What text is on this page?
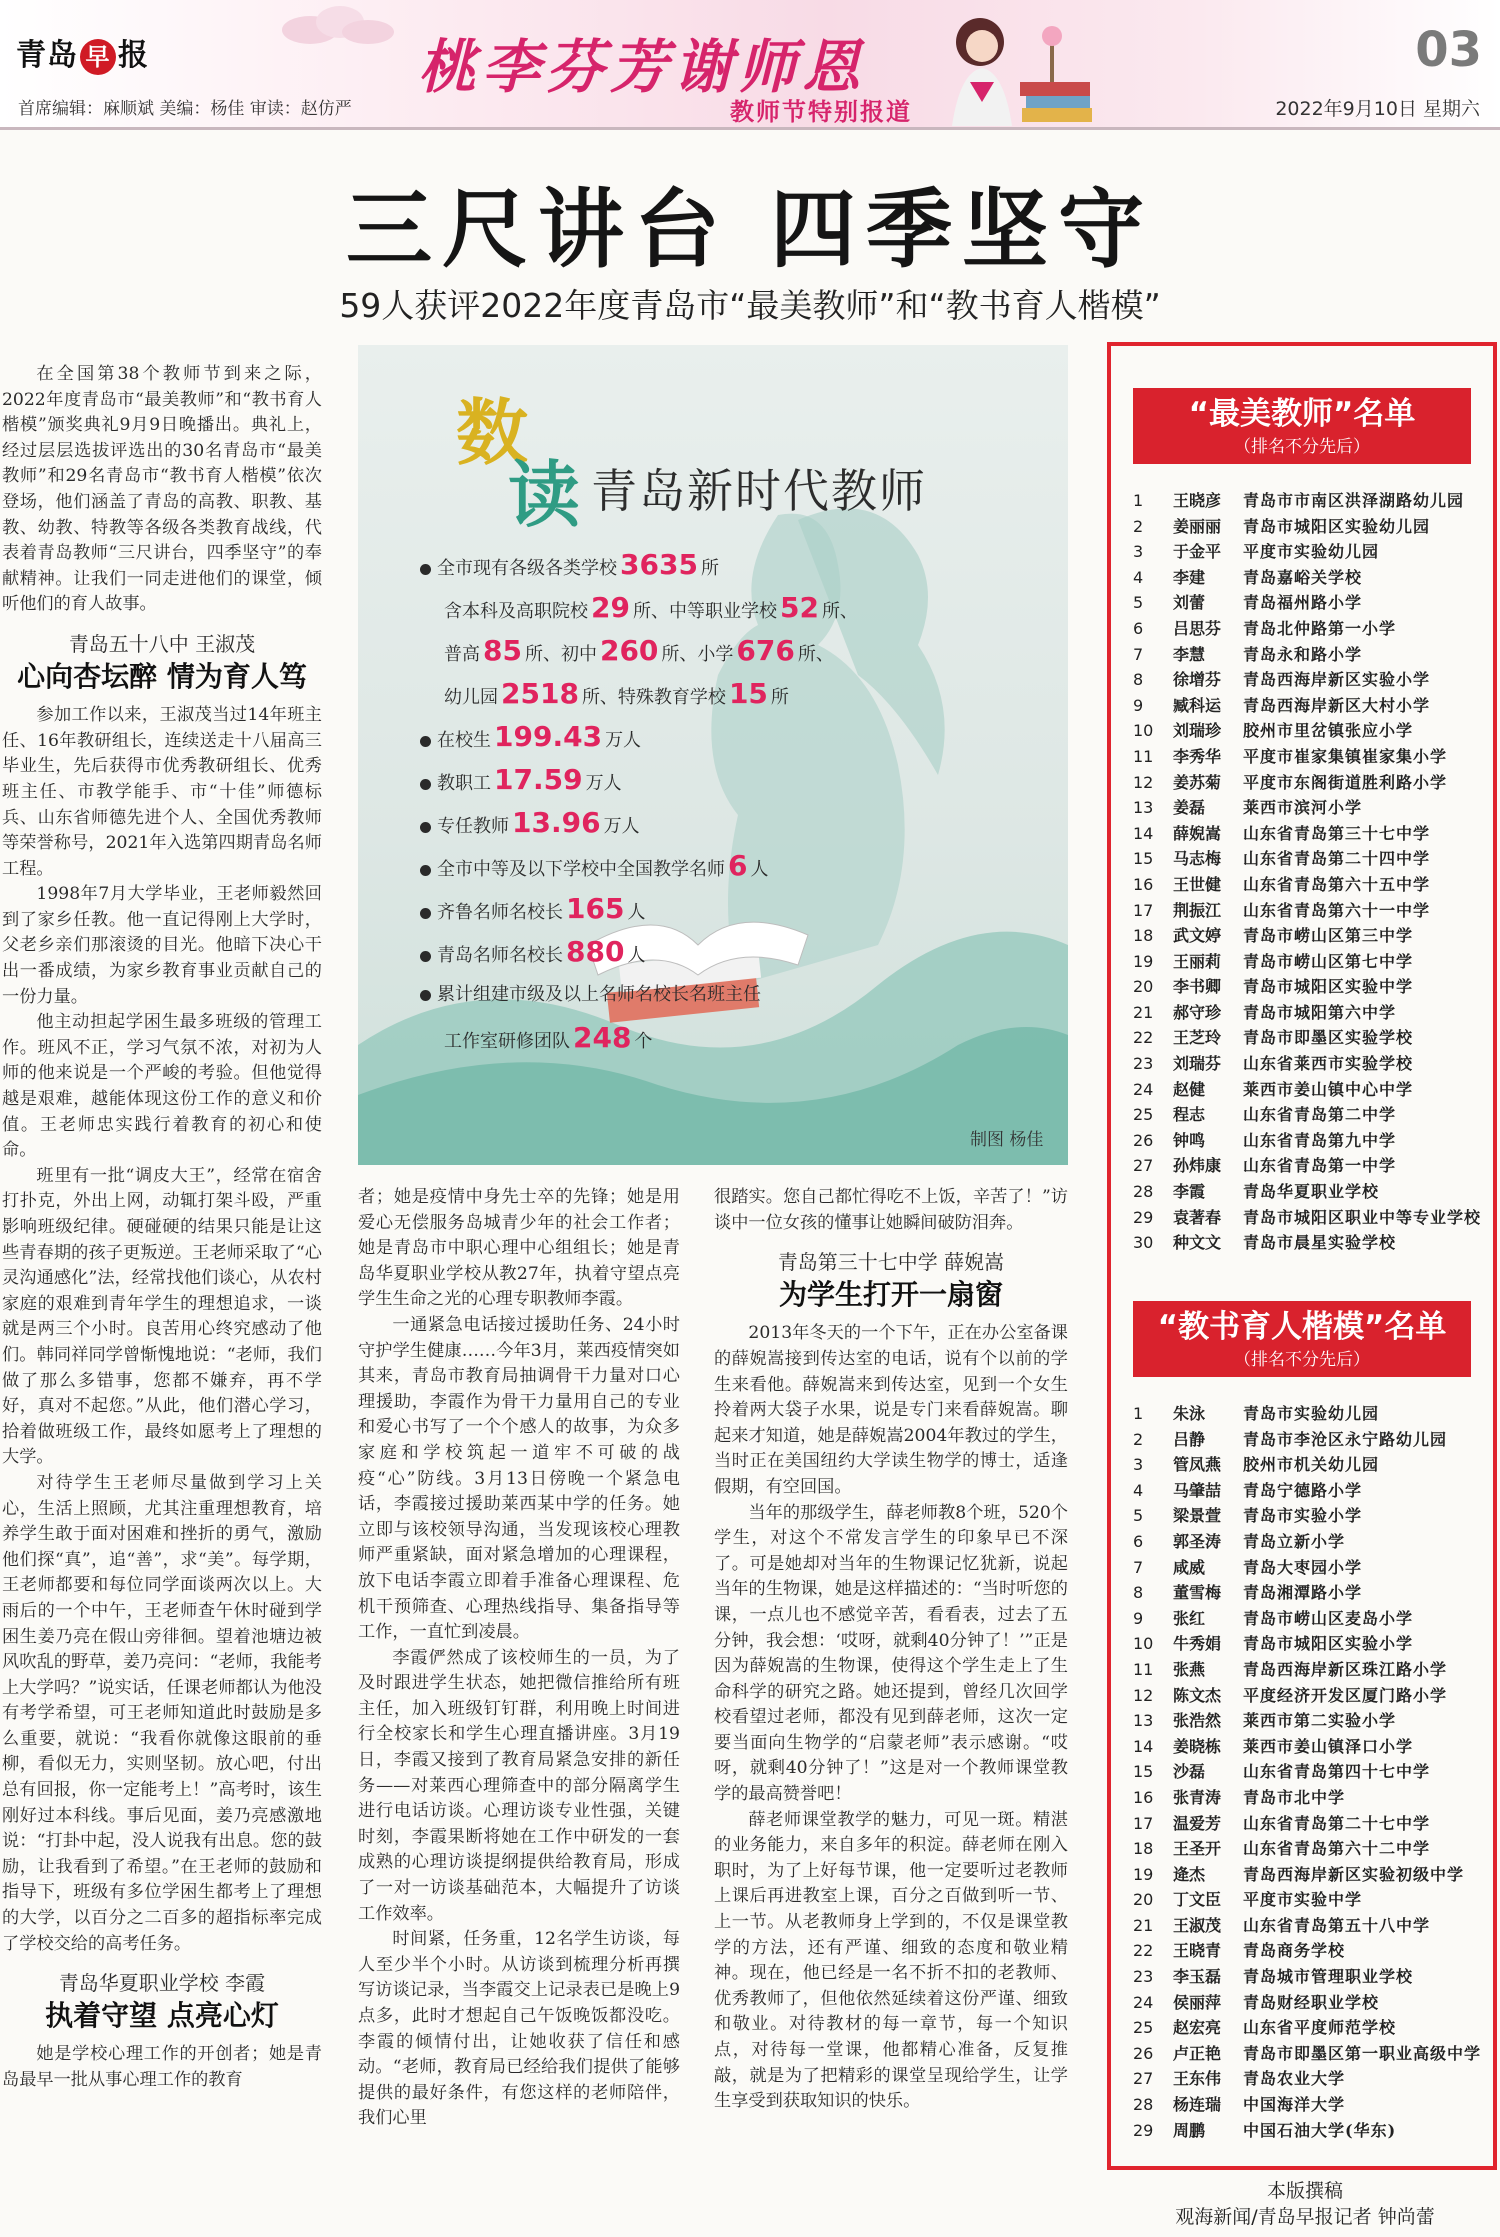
青岛 早 报	桃李芬芳谢师恩
教师节特别报道
首席编辑：麻顺斌 美编：杨佳 审读：赵仿严
03
2022年9月10日 星期六
三尺讲台 四季坚守
59人获评2022年度青岛市“最美教师”和“教书育人楷模”

在全国第38个教师节到来之际，2022年度青岛市“最美教师”和“教书育人楷模”颁奖典礼9月9日晚播出。典礼上，经过层层选拔评选出的30名青岛市“最美教师”和29名青岛市“教书育人楷模”依次登场，他们涵盖了青岛的高教、职教、基教、幼教、特教等各级各类教育战线，代表着青岛教师“三尺讲台，四季坚守”的奉献精神。让我们一同走进他们的课堂，倾听他们的育人故事。

青岛五十八中 王淑茂
心向杏坛醉 情为育人笃

参加工作以来，王淑茂当过14年班主任、16年教研组长，连续送走十八届高三毕业生，先后获得市优秀教研组长、优秀班主任、市教学能手、市“十佳”师德标兵、山东省师德先进个人、全国优秀教师等荣誉称号，2021年入选第四期青岛名师工程。

1998年7月大学毕业，王老师毅然回到了家乡任教。他一直记得刚上大学时，父老乡亲们那滚烫的目光。他暗下决心干出一番成绩，为家乡教育事业贡献自己的一份力量。

他主动担起学困生最多班级的管理工作。班风不正，学习气氛不浓，对初为人师的他来说是一个严峻的考验。但他觉得越是艰难，越能体现这份工作的意义和价值。王老师忠实践行着教育的初心和使命。

班里有一批“调皮大王”，经常在宿舍打扑克，外出上网，动辄打架斗殴，严重影响班级纪律。硬碰硬的结果只能是让这些青春期的孩子更叛逆。王老师采取了“心灵沟通感化”法，经常找他们谈心，从农村家庭的艰难到青年学生的理想追求，一谈就是两三个小时。良苦用心终究感动了他们。韩同祥同学曾惭愧地说：“老师，我们做了那么多错事，您都不嫌弃，再不学好，真对不起您。”从此，他们潜心学习，拾着做班级工作，最终如愿考上了理想的大学。

对待学生王老师尽量做到学习上关心，生活上照顾，尤其注重理想教育，培养学生敢于面对困难和挫折的勇气，激励他们探“真”，追“善”，求“美”。每学期，王老师都要和每位同学面谈两次以上。大雨后的一个中午，王老师查午休时碰到学困生姜乃亮在假山旁徘徊。望着池塘边被风吹乱的野草，姜乃亮问：“老师，我能考上大学吗？”说实话，任课老师都认为他没有考学希望，可王老师知道此时鼓励是多么重要，就说：“我看你就像这眼前的垂柳，看似无力，实则坚韧。放心吧，付出总有回报，你一定能考上！”高考时，该生刚好过本科线。事后见面，姜乃亮感激地说：“打卦中起，没人说我有出息。您的鼓励，让我看到了希望。”在王老师的鼓励和指导下，班级有多位学困生都考上了理想的大学，以百分之二百多的超指标率完成了学校交给的高考任务。

青岛华夏职业学校 李霞
执着守望 点亮心灯

她是学校心理工作的开创者；她是青岛最早一批从事心理工作的教育

数
读 青岛新时代教师
全市现有各级各类学校 3635 所
含本科及高职院校 29 所、中等职业学校 52 所、
普高 85 所、初中 260 所、小学 676 所、
幼儿园 2518 所、特殊教育学校 15 所
在校生 199.43 万人
教职工 17.59 万人
专任教师 13.96 万人
全市中等及以下学校中全国教学名师 6 人
齐鲁名师名校长 165 人
青岛名师名校长 880 人
累计组建市级及以上名师名校长名班主任
工作室研修团队 248 个
制图 杨佳

者；她是疫情中身先士卒的先锋；她是用爱心无偿服务岛城青少年的社会工作者；她是青岛市中职心理中心组组长；她是青岛华夏职业学校从教27年，执着守望点亮学生生命之光的心理专职教师李霞。

一通紧急电话接过援助任务、24小时守护学生健康……今年3月，莱西疫情突如其来，青岛市教育局抽调骨干力量对口心理援助，李霞作为骨干力量用自己的专业和爱心书写了一个个感人的故事，为众多家庭和学校筑起一道牢不可破的战疫“心”防线。3月13日傍晚一个紧急电话，李霞接过援助莱西某中学的任务。她立即与该校领导沟通，当发现该校心理教师严重紧缺，面对紧急增加的心理课程，放下电话李霞立即着手准备心理课程、危机干预筛查、心理热线指导、集备指导等工作，一直忙到凌晨。

李霞俨然成了该校师生的一员，为了及时跟进学生状态，她把微信推给所有班主任，加入班级钉钉群，利用晚上时间进行全校家长和学生心理直播讲座。3月19日，李霞又接到了教育局紧急安排的新任务——对莱西心理筛查中的部分隔离学生进行电话访谈。心理访谈专业性强，关键时刻，李霞果断将她在工作中研发的一套成熟的心理访谈提纲提供给教育局，形成了一对一访谈基础范本，大幅提升了访谈工作效率。

时间紧，任务重，12名学生访谈，每人至少半个小时。从访谈到梳理分析再撰写访谈记录，当李霞交上记录表已是晚上9点多，此时才想起自己午饭晚饭都没吃。李霞的倾情付出，让她收获了信任和感动。“老师，教育局已经给我们提供了能够提供的最好条件，有您这样的老师陪伴，我们心里

很踏实。您自己都忙得吃不上饭，辛苦了！”访谈中一位女孩的懂事让她瞬间破防泪奔。

青岛第三十七中学 薛婗嵩
为学生打开一扇窗

2013年冬天的一个下午，正在办公室备课的薛婗嵩接到传达室的电话，说有个以前的学生来看他。薛婗嵩来到传达室，见到一个女生拎着两大袋子水果，说是专门来看薛婗嵩。聊起来才知道，她是薛婗嵩2004年教过的学生，当时正在美国纽约大学读生物学的博士，适逢假期，有空回国。

当年的那级学生，薛老师教8个班，520个学生，对这个不常发言学生的印象早已不深了。可是她却对当年的生物课记忆犹新，说起当年的生物课，她是这样描述的：“当时听您的课，一点儿也不感觉辛苦，看看表，过去了五分钟，我会想：‘哎呀，就剩40分钟了！’”正是因为薛婗嵩的生物课，使得这个学生走上了生命科学的研究之路。她还提到，曾经几次回学校看望过老师，都没有见到薛老师，这次一定要当面向生物学的“启蒙老师”表示感谢。“哎呀，就剩40分钟了！”这是对一个教师课堂教学的最高赞誉吧！

薛老师课堂教学的魅力，可见一斑。精湛的业务能力，来自多年的积淀。薛老师在刚入职时，为了上好每节课，他一定要听过老教师上课后再进教室上课，百分之百做到听一节、上一节。从老教师身上学到的，不仅是课堂教学的方法，还有严谨、细致的态度和敬业精神。现在，他已经是一名不折不扣的老教师、优秀教师了，但他依然延续着这份严谨、细致和敬业。对待教材的每一章节，每一个知识点，对待每一堂课，他都精心准备，反复推敲，就是为了把精彩的课堂呈现给学生，让学生享受到获取知识的快乐。

“最美教师”名单
（排名不分先后）
1 王晓彦 青岛市市南区洪泽湖路幼儿园
2 姜丽丽 青岛市城阳区实验幼儿园
3 于金平 平度市实验幼儿园
4 李建 青岛嘉峪关学校
5 刘蕾 青岛福州路小学
6 吕思芬 青岛北仲路第一小学
7 李慧 青岛永和路小学
8 徐增芬 青岛西海岸新区实验小学
9 臧科运 青岛西海岸新区大村小学
10 刘瑞珍 胶州市里岔镇张应小学
11 李秀华 平度市崔家集镇崔家集小学
12 姜苏菊 平度市东阁街道胜利路小学
13 姜磊 莱西市滨河小学
14 薛婗嵩 山东省青岛第三十七中学
15 马志梅 山东省青岛第二十四中学
16 王世健 山东省青岛第六十五中学
17 荆振江 山东省青岛第六十一中学
18 武文婷 青岛市崂山区第三中学
19 王丽莉 青岛市崂山区第七中学
20 李书卿 青岛市城阳区实验中学
21 郝守珍 青岛市城阳第六中学
22 王芝玲 青岛市即墨区实验学校
23 刘瑞芬 山东省莱西市实验学校
24 赵健 莱西市姜山镇中心中学
25 程志 山东省青岛第二中学
26 钟鸣 山东省青岛第九中学
27 孙炜康 山东省青岛第一中学
28 李霞 青岛华夏职业学校
29 袁著春 青岛市城阳区职业中等专业学校
30 种文文 青岛市晨星实验学校
“教书育人楷模”名单
（排名不分先后）
1 朱泳 青岛市实验幼儿园
2 吕静 青岛市李沧区永宁路幼儿园
3 管凤燕 胶州市机关幼儿园
4 马肇喆 青岛宁德路小学
5 梁景萱 青岛市实验小学
6 郭圣涛 青岛立新小学
7 咸威 青岛大枣园小学
8 董雪梅 青岛湘潭路小学
9 张红 青岛市崂山区麦岛小学
10 牛秀娟 青岛市城阳区实验小学
11 张燕 青岛西海岸新区珠江路小学
12 陈文杰 平度经济开发区厦门路小学
13 张浩然 莱西市第二实验小学
14 姜晓栋 莱西市姜山镇泽口小学
15 沙磊 山东省青岛第四十七中学
16 张青涛 青岛市北中学
17 温爱芳 山东省青岛第二十七中学
18 王圣开 山东省青岛第六十二中学
19 逄杰 青岛西海岸新区实验初级中学
20 丁文臣 平度市实验中学
21 王淑茂 山东省青岛第五十八中学
22 王晓青 青岛商务学校
23 李玉磊 青岛城市管理职业学校
24 侯丽萍 青岛财经职业学校
25 赵宏亮 山东省平度师范学校
26 卢正艳 青岛市即墨区第一职业高级中学
27 王东伟 青岛农业大学
28 杨连瑞 中国海洋大学
29 周鹏 中国石油大学(华东)
本版撰稿
观海新闻/青岛早报记者 钟尚蕾
